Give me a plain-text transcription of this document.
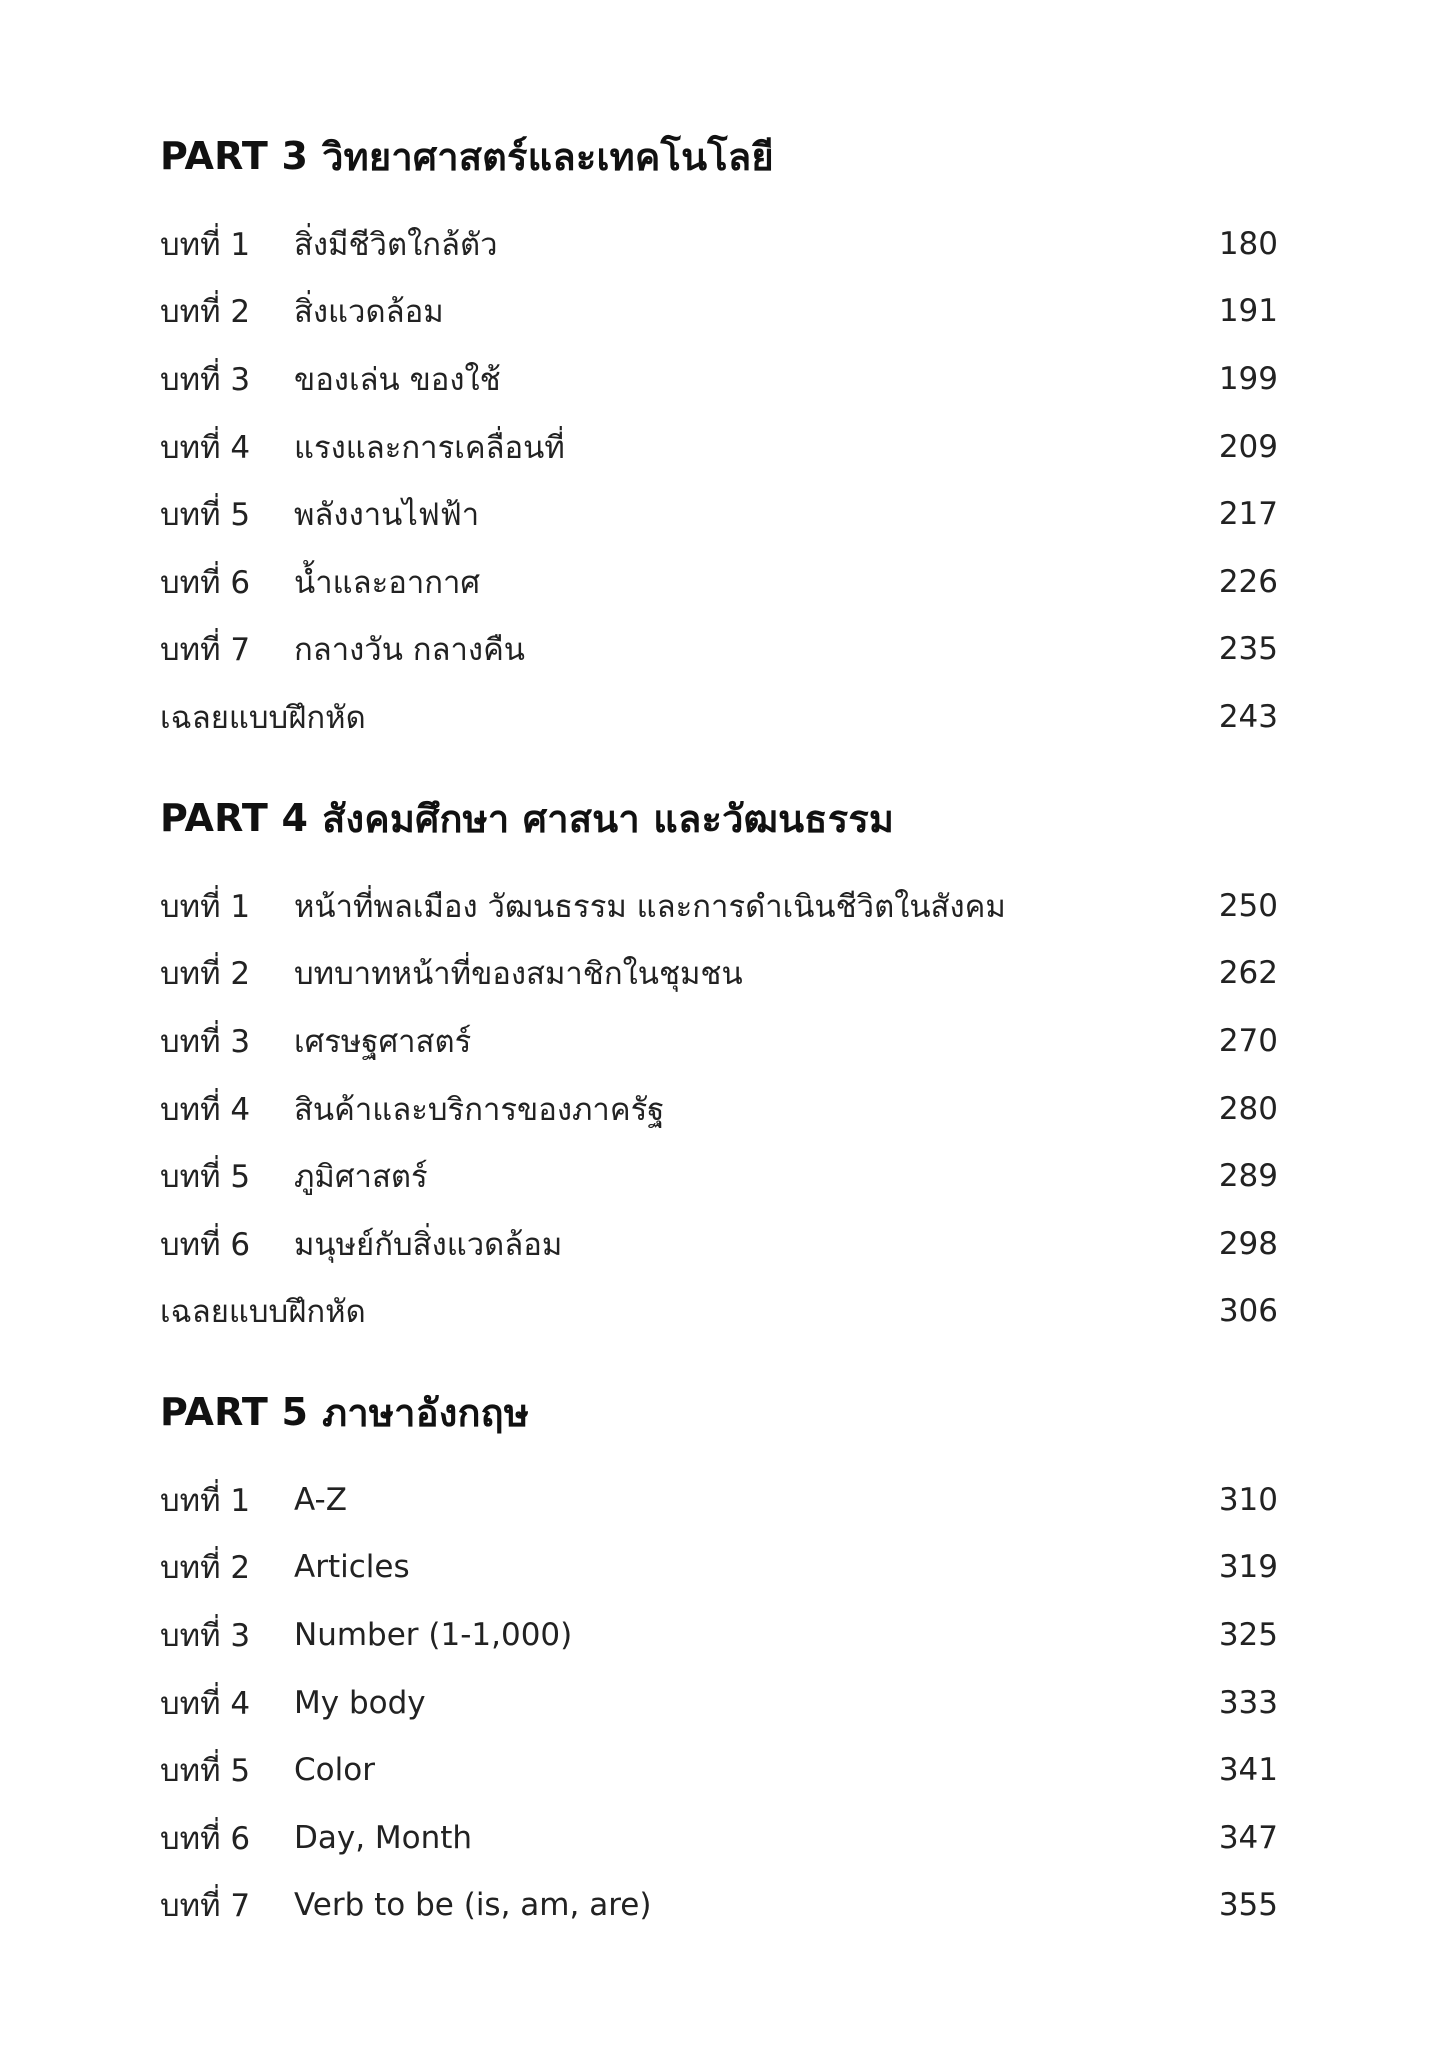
PART 3 วิทยาศาสตร์และเทคโนโลยี
บทที่ 1	สิ่งมีชีวิตใกล้ตัว	180
บทที่ 2	สิ่งแวดล้อม	191
บทที่ 3	ของเล่น ของใช้	199
บทที่ 4	แรงและการเคลื่อนที่	209
บทที่ 5	พลังงานไฟฟ้า	217
บทที่ 6	น้ำและอากาศ	226
บทที่ 7	กลางวัน กลางคืน	235
เฉลยแบบฝึกหัด	243
PART 4 สังคมศึกษา ศาสนา และวัฒนธรรม
บทที่ 1	หน้าที่พลเมือง วัฒนธรรม และการดำเนินชีวิตในสังคม	250
บทที่ 2	บทบาทหน้าที่ของสมาชิกในชุมชน	262
บทที่ 3	เศรษฐศาสตร์	270
บทที่ 4	สินค้าและบริการของภาครัฐ	280
บทที่ 5	ภูมิศาสตร์	289
บทที่ 6	มนุษย์กับสิ่งแวดล้อม	298
เฉลยแบบฝึกหัด	306
PART 5 ภาษาอังกฤษ
บทที่ 1	A-Z	310
บทที่ 2	Articles	319
บทที่ 3	Number (1-1,000)	325
บทที่ 4	My body	333
บทที่ 5	Color	341
บทที่ 6	Day, Month	347
บทที่ 7	Verb to be (is, am, are)	355
